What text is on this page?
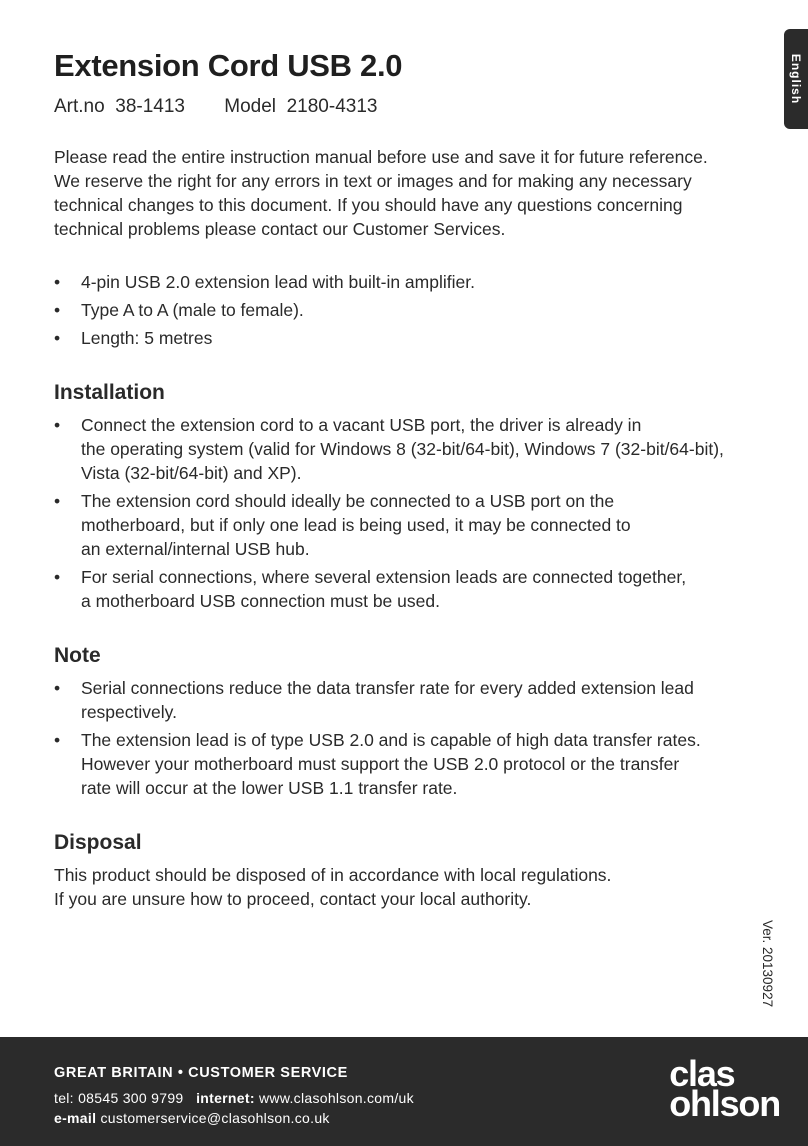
English
Extension Cord USB 2.0
Art.no 38-1413 Model 2180-4313
Please read the entire instruction manual before use and save it for future reference.
We reserve the right for any errors in text or images and for making any necessary
technical changes to this document. If you should have any questions concerning
technical problems please contact our Customer Services.
• 4-pin USB 2.0 extension lead with built-in amplifier.
• Type A to A (male to female).
• Length: 5 metres
Installation
• Connect the extension cord to a vacant USB port, the driver is already in
the operating system (valid for Windows 8 (32-bit/64-bit), Windows 7 (32-bit/64-bit),
Vista (32-bit/64-bit) and XP).
• The extension cord should ideally be connected to a USB port on the
motherboard, but if only one lead is being used, it may be connected to
an external/internal USB hub.
• For serial connections, where several extension leads are connected together,
a motherboard USB connection must be used.
Note
• Serial connections reduce the data transfer rate for every added extension lead
respectively.
• The extension lead is of type USB 2.0 and is capable of high data transfer rates.
However your motherboard must support the USB 2.0 protocol or the transfer
rate will occur at the lower USB 1.1 transfer rate.
Disposal

This product should be disposed of in accordance with local regulations.

If you are unsure how to proceed, contact your local authority.

Ver. 20130927
GREAT BRITAIN • CUSTOMER SERVICE
tel: 08545 300 9799 internet: www.clasohlson.com/uk
e-mail customerservice@clasohlson.co.uk
clas
ohlson
